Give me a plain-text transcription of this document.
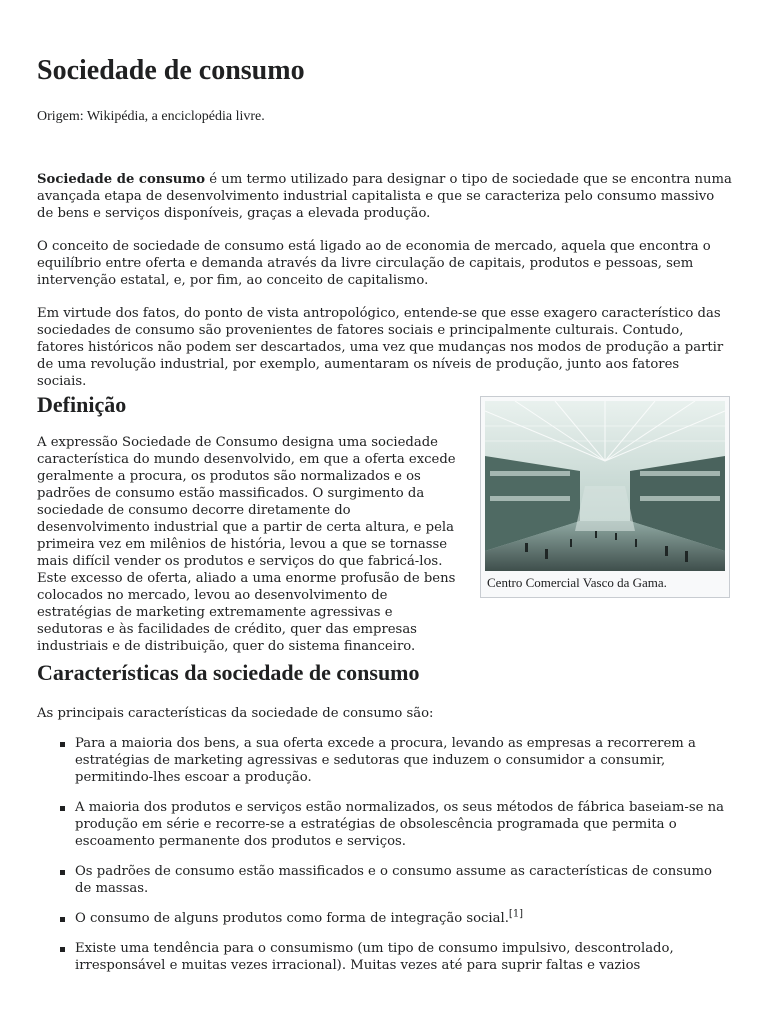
Sociedade de consumo
Origem: Wikipédia, a enciclopédia livre.

Sociedade de consumo é um termo utilizado para designar o tipo de sociedade que se encontra numa avançada etapa de desenvolvimento industrial capitalista e que se caracteriza pelo consumo massivo de bens e serviços disponíveis, graças a elevada produção.

O conceito de sociedade de consumo está ligado ao de economia de mercado, aquela que encontra o equilíbrio entre oferta e demanda através da livre circulação de capitais, produtos e pessoas, sem intervenção estatal, e, por fim, ao conceito de capitalismo.

Em virtude dos fatos, do ponto de vista antropológico, entende-se que esse exagero característico das sociedades de consumo são provenientes de fatores sociais e principalmente culturais. Contudo, fatores históricos não podem ser descartados, uma vez que mudanças nos modos de produção a partir de uma revolução industrial, por exemplo, aumentaram os níveis de produção, junto aos fatores sociais.

Definição

A expressão Sociedade de Consumo designa uma sociedade característica do mundo desenvolvido, em que a oferta excede geralmente a procura, os produtos são normalizados e os padrões de consumo estão massificados. O surgimento da sociedade de consumo decorre diretamente do desenvolvimento industrial que a partir de certa altura, e pela primeira vez em milênios de história, levou a que se tornasse mais difícil vender os produtos e serviços do que fabricá-los. Este excesso de oferta, aliado a uma enorme profusão de bens colocados no mercado, levou ao desenvolvimento de estratégias de marketing extremamente agressivas e sedutoras e às facilidades de crédito, quer das empresas industriais e de distribuição, quer do sistema financeiro.

Centro Comercial Vasco da Gama.
Características da sociedade de consumo

As principais características da sociedade de consumo são:

Para a maioria dos bens, a sua oferta excede a procura, levando as empresas a recorrerem a estratégias de marketing agressivas e sedutoras que induzem o consumidor a consumir, permitindo-lhes escoar a produção.
A maioria dos produtos e serviços estão normalizados, os seus métodos de fábrica baseiam-se na produção em série e recorre-se a estratégias de obsolescência programada que permita o escoamento permanente dos produtos e serviços.
Os padrões de consumo estão massificados e o consumo assume as características de consumo de massas.
O consumo de alguns produtos como forma de integração social.[1]
Existe uma tendência para o consumismo (um tipo de consumo impulsivo, descontrolado, irresponsável e muitas vezes irracional). Muitas vezes até para suprir faltas e vazios
